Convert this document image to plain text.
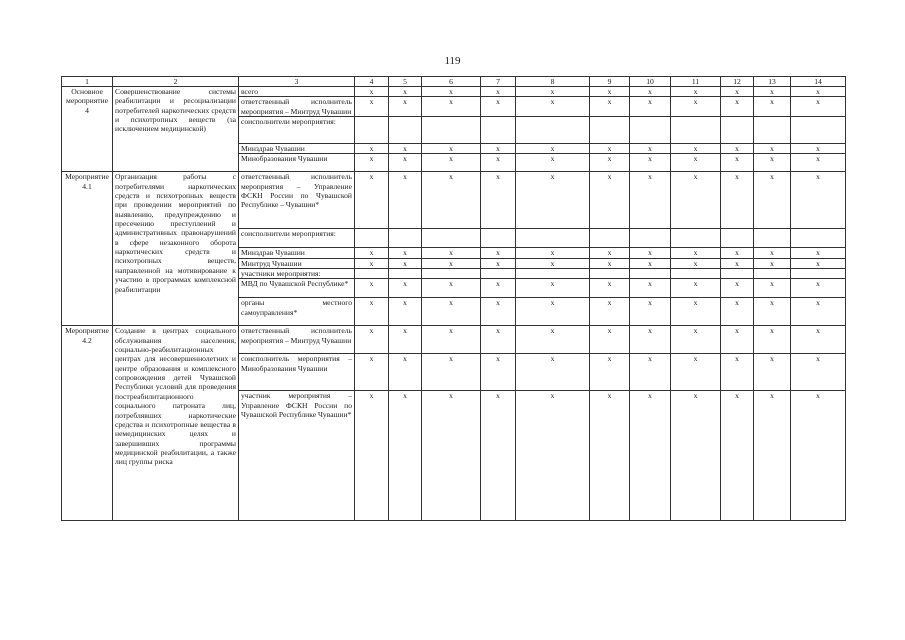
119
1	2	3	4	5	6	7	8	9	10	11	12	13	14
Основное мероприятие 4	Совершенствование системы реабилитации и ресоциализации потребителей наркотических средств и психотропных веществ (за исключением медицинской)	всего	x	x	x	x	x	x	x	x	x	x	x
		ответственный исполнитель мероприятия – Минтруд Чувашии	x	x	x	x	x	x	x	x	x	x	x
		соисполнители мероприятия:											
		Минздрав Чувашии	x	x	x	x	x	x	x	x	x	x	x
		Минобразования Чувашии	x	x	x	x	x	x	x	x	x	x	x
Мероприятие 4.1	Организация работы с потребителями наркотических средств и психотропных веществ при проведении мероприятий по выявлению, предупреждению и пресечению преступлений и административных правонарушений в сфере незаконного оборота наркотических средств и психотропных веществ, направленной на мотивирование к участию в программах комплексной реабилитации	ответственный исполнитель мероприятия – Управление ФСКН России по Чувашской Республике – Чувашии*	x	x	x	x	x	x	x	x	x	x	x
		соисполнители мероприятия:											
		Минздрав Чувашии	x	x	x	x	x	x	x	x	x	x	x
		Минтруд Чувашии	x	x	x	x	x	x	x	x	x	x	x
		участники мероприятия:											
		МВД по Чувашской Республике*	x	x	x	x	x	x	x	x	x	x	x
		органы местного самоуправления*	x	x	x	x	x	x	x	x	x	x	x
Мероприятие 4.2	Создание в центрах социального обслуживания населения, социально-реабилитационных центрах для несовершеннолетних и центре образования и комплексного сопровождения детей Чувашской Республики условий для проведения постреабилитационного социального патроната лиц, потреблявших наркотические средства и психотропные вещества в немедицинских целях и завершивших программы медицинской реабилитации, а также лиц группы риска	ответственный исполнитель мероприятия – Минтруд Чувашии	x	x	x	x	x	x	x	x	x	x	x
		соисполнитель мероприятия – Минобразования Чувашии	x	x	x	x	x	x	x	x	x	x	x
		участник мероприятия – Управление ФСКН России по Чувашской Республике Чувашии*	x	x	x	x	x	x	x	x	x	x	x
